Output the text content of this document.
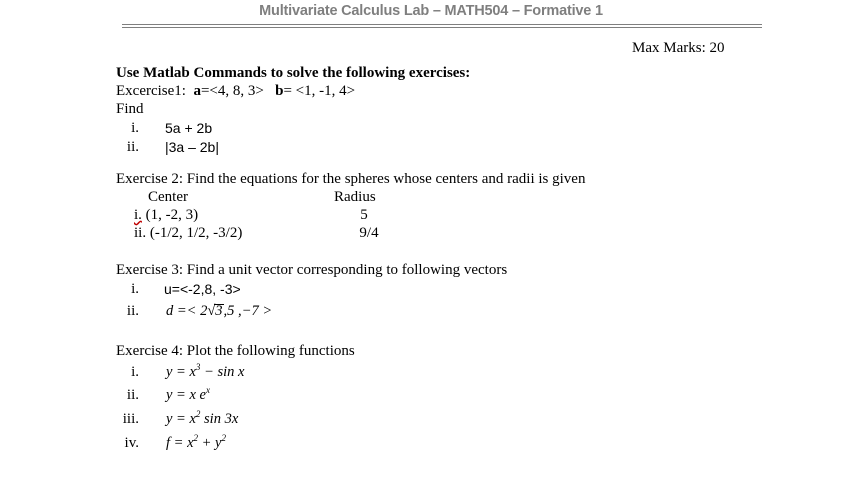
Multivariate Calculus Lab – MATH504 – Formative 1
Max Marks: 20
Use Matlab Commands to solve the following exercises:
Excercise1: a=<4, 8, 3> b= <1, -1, 4>
Find
i. 5a + 2b
ii. |3a – 2b|
Exercise 2: Find the equations for the spheres whose centers and radii is given
Center	Radius
i. (1, -2, 3)	5
ii. (-1/2, 1/2, -3/2)	9/4
Exercise 3: Find a unit vector corresponding to following vectors
i. u=<-2,8, -3>
ii. d =< 2√3,5 ,−7 >
Exercise 4: Plot the following functions
i. $y = x^3 - \sin x$
ii. y = x $e^x$
iii. $y = x^2$ sin 3x
iv. $f = x^2 + y^2$
